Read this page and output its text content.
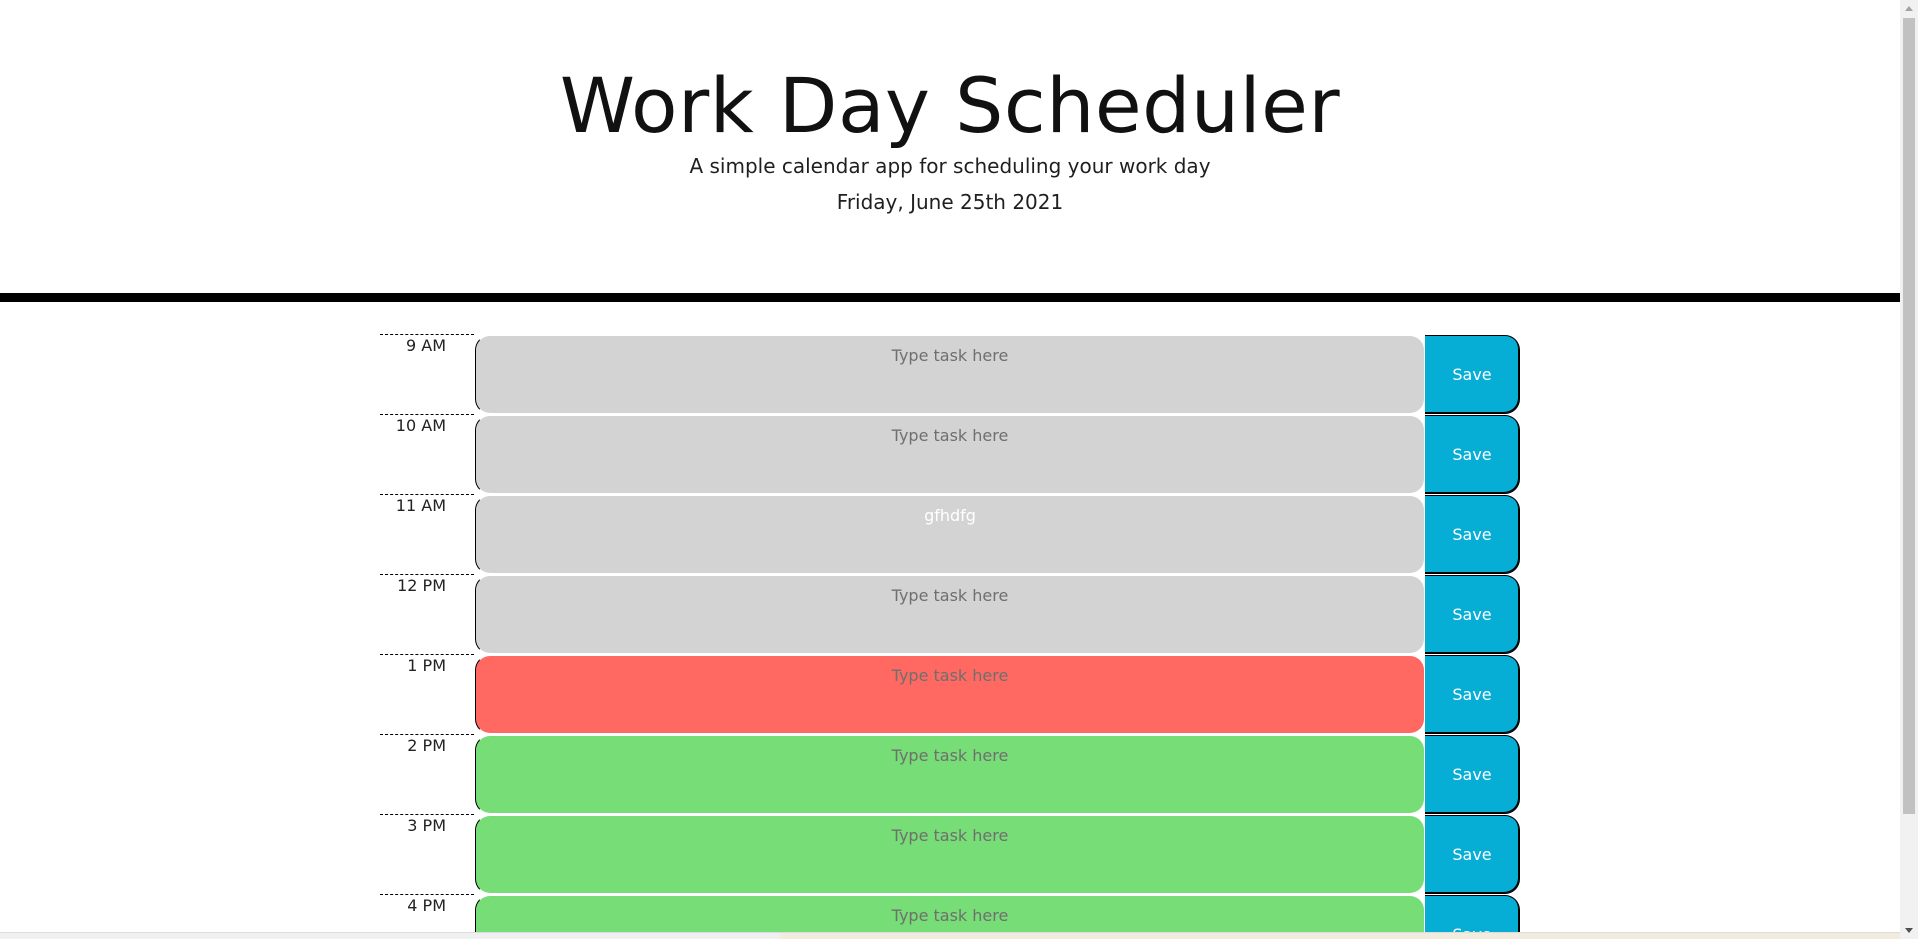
Work Day Scheduler

A simple calendar app for scheduling your work day

Friday, June 25th 2021

9 AM
Type task here
Save
10 AM
Type task here
Save
11 AM
gfhdfg
Save
12 PM
Type task here
Save
1 PM
Type task here
Save
2 PM
Type task here
Save
3 PM
Type task here
Save
4 PM
Type task here
